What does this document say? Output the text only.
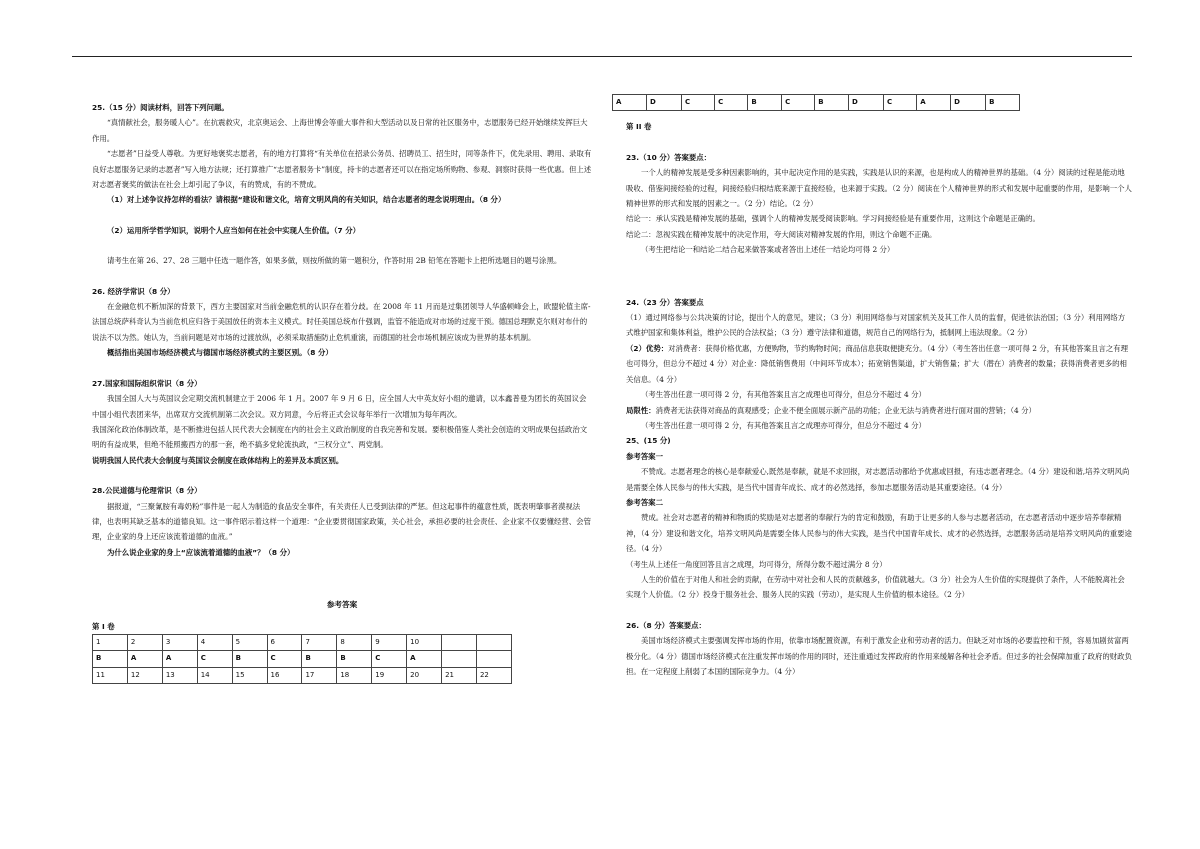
25.（15 分）阅读材料，回答下列问题。

“真情献社会，服务暖人心”。在抗震救灾，北京奥运会、上海世博会等重大事件和大型活动以及日常的社区服务中，志愿服务已经开始继续发挥巨大作用。

“志愿者”日益受人尊敬。为更好地褒奖志愿者，有的地方打算将“有关单位在招录公务员、招聘员工、招生时，同等条件下，优先录用、聘用、录取有良好志愿服务记录的志愿者”写入地方法规；还打算推广“志愿者服务卡”制度，持卡的志愿者还可以在指定场所购物、参观、洞察时获得一些优惠。但上述对志愿者褒奖的做法在社会上却引起了争议，有的赞成，有的不赞成。

（1）对上述争议持怎样的看法？请根据“建设和谐文化，培育文明风尚的有关知识，结合志愿者的理念说明理由。（8 分）

（2）运用所学哲学知识，说明个人应当如何在社会中实现人生价值。（7 分）

请考生在第 26、27、28 三题中任选一题作答，如果多做，则按所做的第一题积分，作答时用 2B 铅笔在答题卡上把所选题目的题号涂黑。

26. 经济学常识（8 分）

在金融危机不断加深的背景下，西方主要国家对当前金融危机的认识存在着分歧。在 2008 年 11 月而是过集团领导人华盛顿峰会上，欧盟轮值主席-法国总统萨科奇认为当前危机应归咎于美国放任的资本主义模式。时任美国总统布什强调，监管不能造成对市场的过度干预。德国总理默克尔则对布什的说法不以为然。她认为，当前问题是对市场的过渡放纵，必须采取措施防止危机重演，而德国的社会市场机制应该成为世界的基本机制。

概括指出美国市场经济模式与德国市场经济模式的主要区别。（8 分）

27.国家和国际组织常识（8 分）

我国全国人大与英国议会定期交流机制建立于 2006 年 1 月。2007 年 9 月 6 日，应全国人大中英友好小组的邀请，以本鑫普曼为团长的英国议会中国小组代表团来华，出席双方交流机制第二次会议。双方同意，今后将正式会议每年举行一次增加为每年两次。

我国深化政治体制改革，是不断推进包括人民代表大会制度在内的社会主义政治制度的自我完善和发展。要积极借鉴人类社会创造的文明成果包括政治文明的有益成果，但绝不能照搬西方的那一套，绝不搞多党轮流执政，“三权分立”、两党制。

说明我国人民代表大会制度与英国议会制度在政体结构上的差异及本质区别。

28.公民道德与伦理常识（8 分）

据报道，“三聚氰胺有毒奶粉”事件是一起人为制造的食品安全事件，有关责任人已受到法律的严惩。但这起事件的蕴意性质，既表明肇事者漠视法律，也表明其缺乏基本的道德良知。这一事件昭示着这样一个道理：“企业要贯彻国家政策，关心社会，承担必要的社会责任、企业家不仅要懂经营、会管理，企业家的身上还应该流着道德的血液。”

为什么说企业家的身上“应该流着道德的血液”？（8 分）

参考答案

第 I 卷

1	2	3	4	5	6	7	8	9	10		
B	A	A	C	B	C	B	B	C	A		
11	12	13	14	15	16	17	18	19	20	21	22
A	D	C	C	B	C	B	D	C	A	D	B

第 II 卷

23.（10 分）答案要点：

一个人的精神发展是受多种因素影响的，其中起决定作用的是实践，实践是认识的来源，也是构成人的精神世界的基础。（4 分）阅读的过程是能动地吸收、借鉴间接经验的过程，间接经验归根结底来源于直接经验，也来源于实践。（2 分）阅读在个人精神世界的形式和发展中起重要的作用，是影响一个人精神世界的形式和发展的因素之一。（2 分）结论。（2 分）

结论一：承认实践是精神发展的基础，强调个人的精神发展受阅读影响。学习间接经验是有重要作用，这则这个命题是正确的。

结论二：忽视实践在精神发展中的决定作用，夸大阅读对精神发展的作用，则这个命题不正确。

（考生把结论一和结论二结合起来做答案或者答出上述任一结论均可得 2 分）

24.（23 分）答案要点

（1）通过网络参与公共决策的讨论，提出个人的意见，建议；（3 分）利用网络参与对国家机关及其工作人员的监督，促进依法治国；（3 分）利用网络方式维护国家和集体利益，维护公民的合法权益；（3 分）遵守法律和道德，规范自己的网络行为，抵制网上违法现象。（2 分）

（2）优势：对消费者：获得价格优惠，方便购物，节约购物时间；商品信息获取便捷充分。（4 分）（考生答出任意一项可得 2 分，有其他答案且言之有理也可得分，但总分不超过 4 分）对企业：降低销售费用（中间环节成本）；拓宽销售渠道，扩大销售量；扩大（潜在）消费者的数量；获得消费者更多的相关信息。（4 分）

（考生答出任意一项可得 2 分，有其他答案且言之成理也可得分，但总分不超过 4 分）

局限性：消费者无法获得对商品的真观感受；企业不便全面展示新产品的功能；企业无法与消费者进行面对面的营销；（4 分）

（考生答出任意一项可得 2 分，有其他答案且言之成理亦可得分，但总分不超过 4 分）

25、(15 分)

参考答案一

不赞成。志愿者理念的核心是奉献爱心,既然是奉献，就是不求回报，对志愿活动都给予优惠或回报，有违志愿者理念。（4 分）建设和谐,培养文明风尚是需要全体人民参与的伟大实践，是当代中国青年成长、成才的必然选择，参加志愿服务活动是其重要途径。（4 分）

参考答案二

赞成。社会对志愿者的精神和物质的奖励是对志愿者的奉献行为的肯定和鼓励，有助于让更多的人参与志愿者活动，在志愿者活动中逐步培养奉献精神，（4 分）建设和谐文化，培养文明风尚是需要全体人民参与的伟大实践，是当代中国青年成长、成才的必然选择，志愿服务活动是培养文明风尚的重要途径。（4 分）

（考生从上述任一角度回答且言之成理，均可得分，所得分数不超过满分 8 分）

人生的价值在于对他人和社会的贡献，在劳动中对社会和人民的贡献越多，价值就越大。（3 分）社会为人生价值的实现提供了条件，人不能脱离社会实现个人价值。（2 分）投身于服务社会、服务人民的实践（劳动），是实现人生价值的根本途径。（2 分）

26.（8 分）答案要点：

美国市场经济模式主要强调发挥市场的作用，依靠市场配置资源，有利于激发企业和劳动者的活力。但缺乏对市场的必要监控和干预，容易加剧贫富两极分化。（4 分）德国市场经济模式在注重发挥市场的作用的同时，还注重通过发挥政府的作用来缓解各种社会矛盾。但过多的社会保障加重了政府的财政负担。在一定程度上削弱了本国的国际竞争力。（4 分）
